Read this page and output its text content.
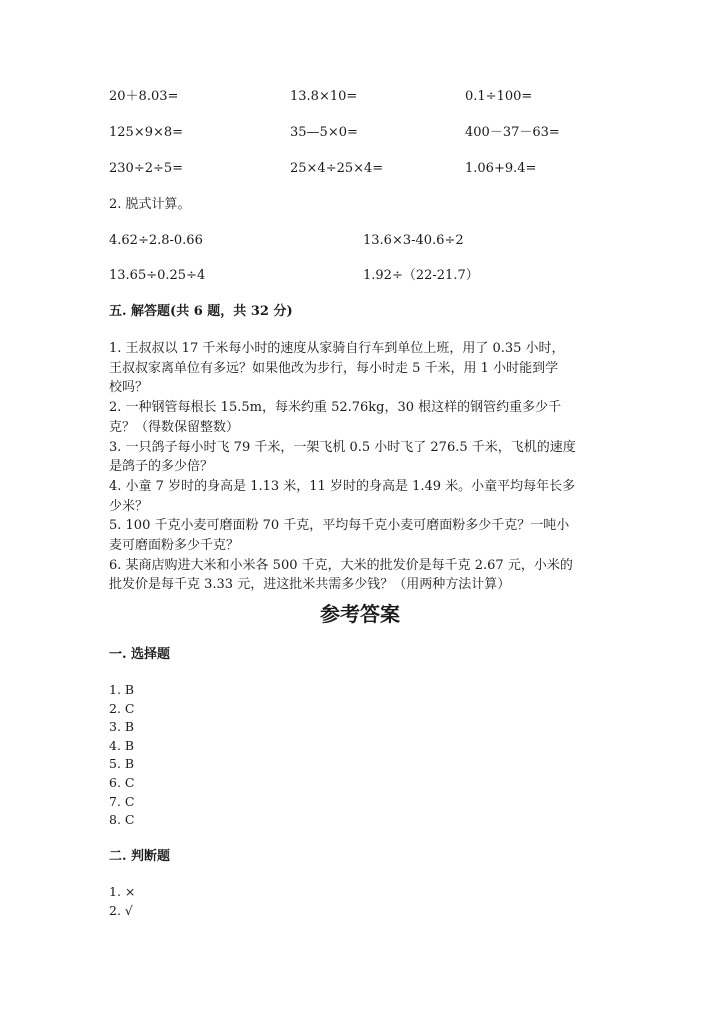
20＋8.03=	13.8×10=	0.1÷100=
125×9×8=	35—5×0=	400－37－63=
230÷2÷5=	25×4÷25×4=	1.06+9.4=
2. 脱式计算。
4.62÷2.8-0.66	13.6×3-40.6÷2
13.65÷0.25÷4	1.92÷（22-21.7）
五. 解答题(共 6 题，共 32 分)
1. 王叔叔以 17 千米每小时的速度从家骑自行车到单位上班，用了 0.35 小时，
王叔叔家离单位有多远？如果他改为步行，每小时走 5 千米，用 1 小时能到学
校吗？
2. 一种钢管每根长 15.5m，每米约重 52.76kg，30 根这样的钢管约重多少千
克？（得数保留整数）
3. 一只鸽子每小时飞 79 千米，一架飞机 0.5 小时飞了 276.5 千米，飞机的速度
是鸽子的多少倍？
4. 小童 7 岁时的身高是 1.13 米，11 岁时的身高是 1.49 米。小童平均每年长多
少米？
5. 100 千克小麦可磨面粉 70 千克，平均每千克小麦可磨面粉多少千克？一吨小
麦可磨面粉多少千克？
6. 某商店购进大米和小米各 500 千克，大米的批发价是每千克 2.67 元，小米的
批发价是每千克 3.33 元，进这批米共需多少钱？（用两种方法计算）
参考答案
一. 选择题
1. B
2. C
3. B
4. B
5. B
6. C
7. C
8. C
二. 判断题
1. ×
2. √
